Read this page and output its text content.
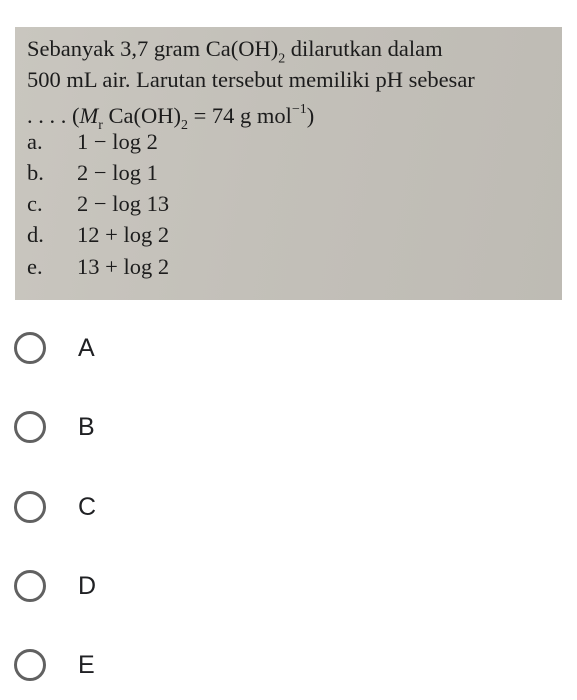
Sebanyak 3,7 gram $Ca(OH)_2$ dilarutkan dalam
500 mL air. Larutan tersebut memiliki pH sebesar
. . . . ($M_r$ $Ca(OH)_2 = 74$ g mol$^{-1}$)
a. 1 − log 2
b. 2 − log 1
c. 2 − log 13
d. 12 + log 2
e. 13 + log 2
A
B
C
D
E
